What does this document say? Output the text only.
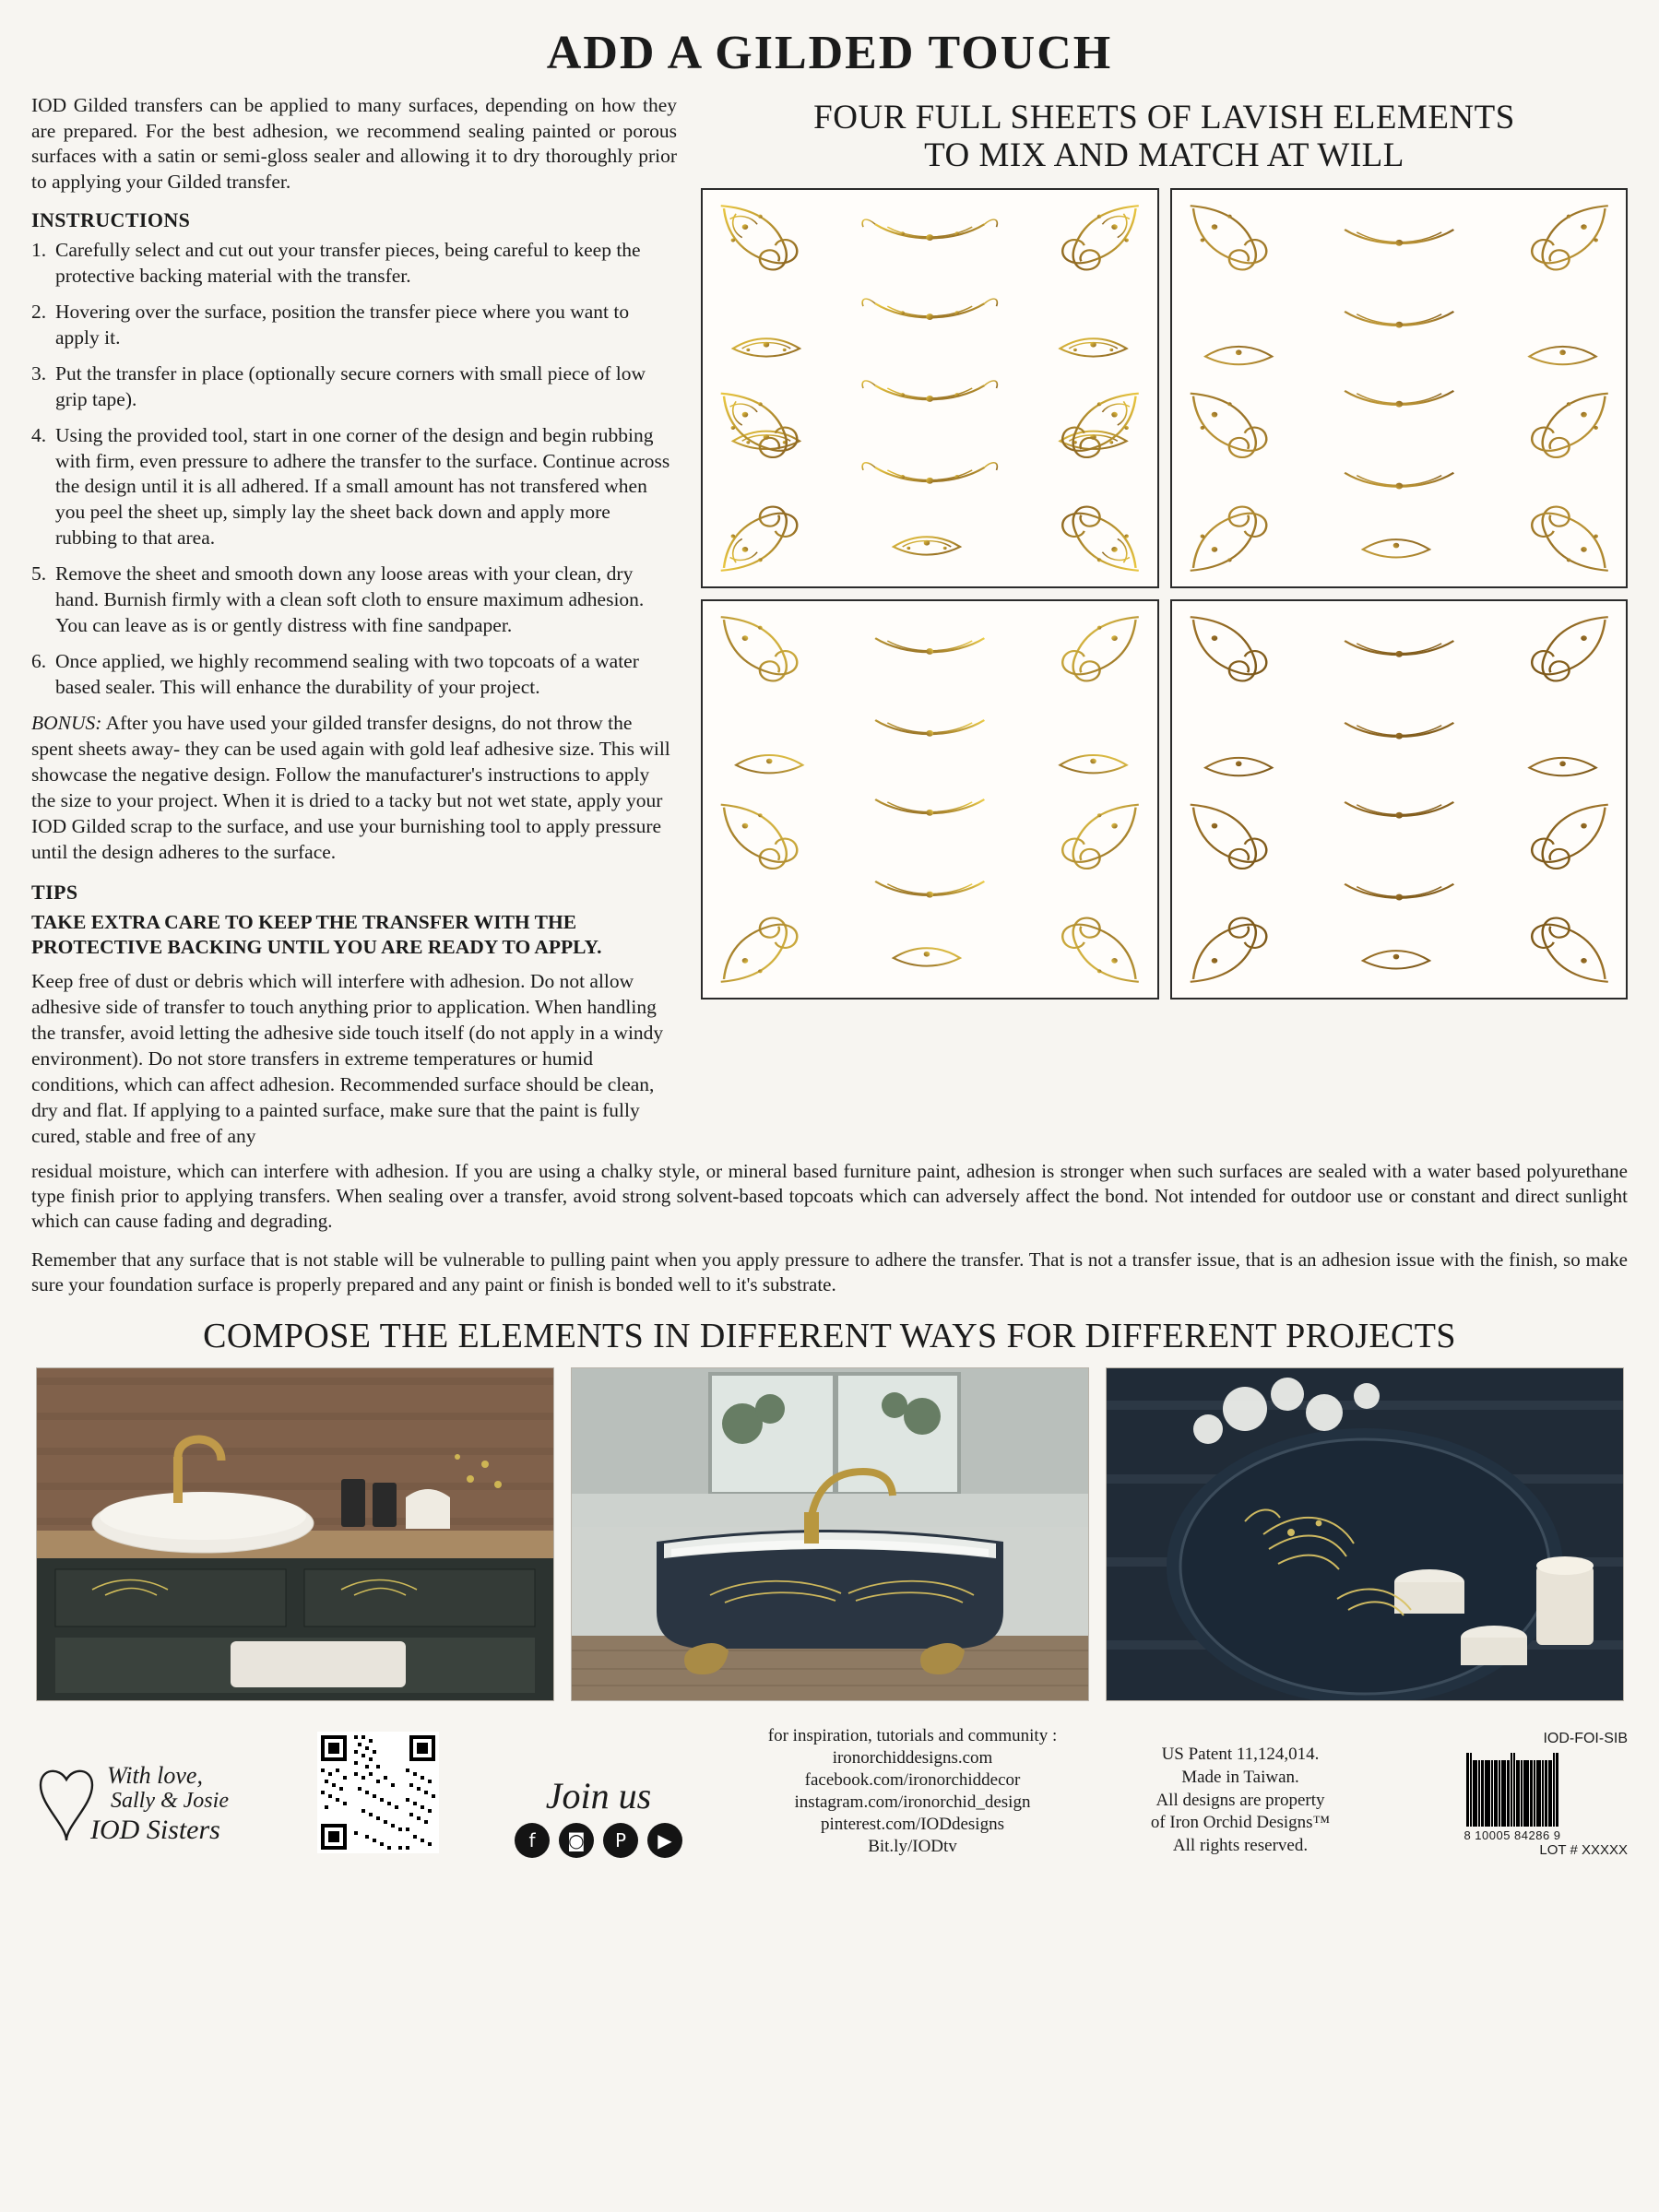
ADD A GILDED TOUCH

IOD Gilded transfers can be applied to many surfaces, depending on how they are prepared. For the best adhesion, we recommend sealing painted or porous surfaces with a satin or semi-gloss sealer and allowing it to dry thoroughly prior to applying your Gilded transfer.

INSTRUCTIONS
1. Carefully select and cut out your transfer pieces, being careful to keep the protective backing material with the transfer.
2. Hovering over the surface, position the transfer piece where you want to apply it.
3. Put the transfer in place (optionally secure corners with small piece of low grip tape).
4. Using the provided tool, start in one corner of the design and begin rubbing with firm, even pressure to adhere the transfer to the surface. Continue across the design until it is all adhered. If a small amount has not transfered when you peel the sheet up, simply lay the sheet back down and apply more rubbing to that area.
5. Remove the sheet and smooth down any loose areas with your clean, dry hand. Burnish firmly with a clean soft cloth to ensure maximum adhesion. You can leave as is or gently distress with fine sandpaper.
6. Once applied, we highly recommend sealing with two topcoats of a water based sealer. This will enhance the durability of your project.

BONUS: After you have used your gilded transfer designs, do not throw the spent sheets away- they can be used again with gold leaf adhesive size. This will showcase the negative design. Follow the manufacturer's instructions to apply the size to your project. When it is dried to a tacky but not wet state, apply your IOD Gilded scrap to the surface, and use your burnishing tool to apply pressure until the design adheres to the surface.

TIPS

TAKE EXTRA CARE TO KEEP THE TRANSFER WITH THE PROTECTIVE BACKING UNTIL YOU ARE READY TO APPLY.

Keep free of dust or debris which will interfere with adhesion. Do not allow adhesive side of transfer to touch anything prior to application. When handling the transfer, avoid letting the adhesive side touch itself (do not apply in a windy environment). Do not store transfers in extreme temperatures or humid conditions, which can affect adhesion. Recommended surface should be clean, dry and flat. If applying to a painted surface, make sure that the paint is fully cured, stable and free of any

FOUR FULL SHEETS OF LAVISH ELEMENTS
TO MIX AND MATCH AT WILL

residual moisture, which can interfere with adhesion. If you are using a chalky style, or mineral based furniture paint, adhesion is stronger when such surfaces are sealed with a water based polyurethane type finish prior to applying transfers. When sealing over a transfer, avoid strong solvent-based topcoats which can adversely affect the bond. Not intended for outdoor use or constant and direct sunlight which can cause fading and degrading.

Remember that any surface that is not stable will be vulnerable to pulling paint when you apply pressure to adhere the transfer. That is not a transfer issue, that is an adhesion issue with the finish, so make sure your foundation surface is properly prepared and any paint or finish is bonded well to it's substrate.

COMPOSE THE ELEMENTS IN DIFFERENT WAYS FOR DIFFERENT PROJECTS
With love,
Sally & Josie
IOD Sisters
Join us
f	◙	P	▶
for inspiration, tutorials and community :
ironorchiddesigns.com
facebook.com/ironorchiddecor
instagram.com/ironorchid_design
pinterest.com/IODdesigns
Bit.ly/IODtv
US Patent 11,124,014.
Made in Taiwan.
All designs are property
of Iron Orchid Designs™
All rights reserved.
IOD-FOI-SIB
8 10005 84286 9
LOT # XXXXX
